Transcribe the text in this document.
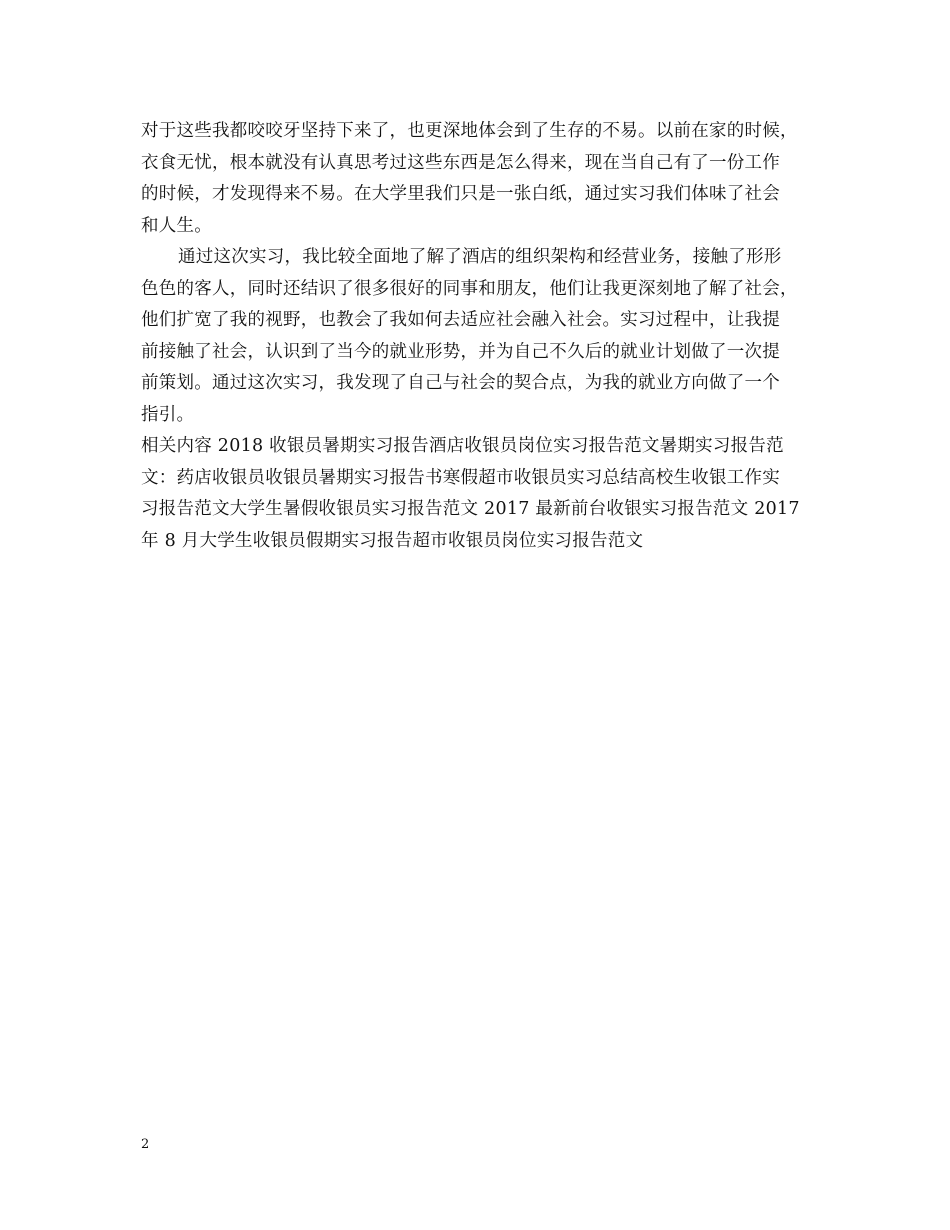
对于这些我都咬咬牙坚持下来了，也更深地体会到了生存的不易。以前在家的时候，
衣食无忧，根本就没有认真思考过这些东西是怎么得来，现在当自己有了一份工作
的时候，才发现得来不易。在大学里我们只是一张白纸，通过实习我们体味了社会
和人生。
通过这次实习，我比较全面地了解了酒店的组织架构和经营业务，接触了形形
色色的客人，同时还结识了很多很好的同事和朋友，他们让我更深刻地了解了社会，
他们扩宽了我的视野，也教会了我如何去适应社会融入社会。实习过程中，让我提
前接触了社会，认识到了当今的就业形势，并为自己不久后的就业计划做了一次提
前策划。通过这次实习，我发现了自己与社会的契合点，为我的就业方向做了一个
指引。
相关内容 2018 收银员暑期实习报告酒店收银员岗位实习报告范文暑期实习报告范
文：药店收银员收银员暑期实习报告书寒假超市收银员实习总结高校生收银工作实
习报告范文大学生暑假收银员实习报告范文 2017 最新前台收银实习报告范文 2017
年 8 月大学生收银员假期实习报告超市收银员岗位实习报告范文
2
